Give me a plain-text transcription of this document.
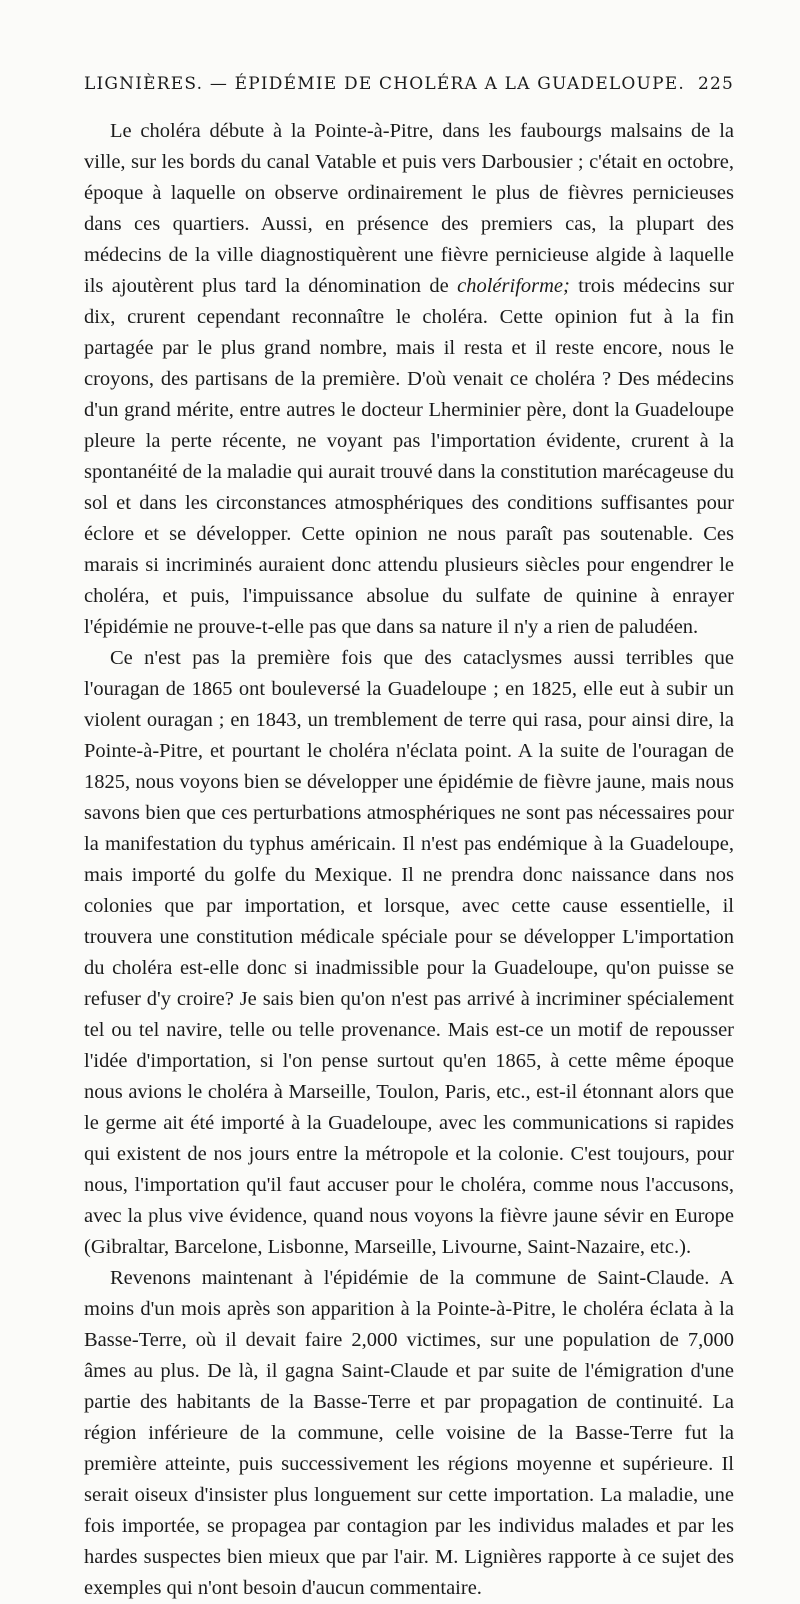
LIGNIÈRES. — ÉPIDÉMIE DE CHOLÉRA A LA GUADELOUPE. 225

Le choléra débute à la Pointe-à-Pitre, dans les faubourgs malsains de la ville, sur les bords du canal Vatable et puis vers Darbousier ; c'était en octobre, époque à laquelle on observe ordinairement le plus de fièvres pernicieuses dans ces quartiers. Aussi, en présence des premiers cas, la plupart des médecins de la ville diagnostiquèrent une fièvre pernicieuse algide à laquelle ils ajoutèrent plus tard la dénomination de cholériforme; trois médecins sur dix, crurent cependant reconnaître le choléra. Cette opinion fut à la fin partagée par le plus grand nombre, mais il resta et il reste encore, nous le croyons, des partisans de la première. D'où venait ce choléra ? Des médecins d'un grand mérite, entre autres le docteur Lherminier père, dont la Guadeloupe pleure la perte récente, ne voyant pas l'importation évidente, crurent à la spontanéité de la maladie qui aurait trouvé dans la constitution marécageuse du sol et dans les circonstances atmosphériques des conditions suffisantes pour éclore et se développer. Cette opinion ne nous paraît pas soutenable. Ces marais si incriminés auraient donc attendu plusieurs siècles pour engendrer le choléra, et puis, l'impuissance absolue du sulfate de quinine à enrayer l'épidémie ne prouve-t-elle pas que dans sa nature il n'y a rien de paludéen.

Ce n'est pas la première fois que des cataclysmes aussi terribles que l'ouragan de 1865 ont bouleversé la Guadeloupe ; en 1825, elle eut à subir un violent ouragan ; en 1843, un tremblement de terre qui rasa, pour ainsi dire, la Pointe-à-Pitre, et pourtant le choléra n'éclata point. A la suite de l'ouragan de 1825, nous voyons bien se développer une épidémie de fièvre jaune, mais nous savons bien que ces perturbations atmosphériques ne sont pas nécessaires pour la manifestation du typhus américain. Il n'est pas endémique à la Guadeloupe, mais importé du golfe du Mexique. Il ne prendra donc naissance dans nos colonies que par importation, et lorsque, avec cette cause essentielle, il trouvera une constitution médicale spéciale pour se développer L'importation du choléra est-elle donc si inadmissible pour la Guadeloupe, qu'on puisse se refuser d'y croire? Je sais bien qu'on n'est pas arrivé à incriminer spécialement tel ou tel navire, telle ou telle provenance. Mais est-ce un motif de repousser l'idée d'importation, si l'on pense surtout qu'en 1865, à cette même époque nous avions le choléra à Marseille, Toulon, Paris, etc., est-il étonnant alors que le germe ait été importé à la Guadeloupe, avec les communications si rapides qui existent de nos jours entre la métropole et la colonie. C'est toujours, pour nous, l'importation qu'il faut accuser pour le choléra, comme nous l'accusons, avec la plus vive évidence, quand nous voyons la fièvre jaune sévir en Europe (Gibraltar, Barcelone, Lisbonne, Marseille, Livourne, Saint-Nazaire, etc.).

Revenons maintenant à l'épidémie de la commune de Saint-Claude. A moins d'un mois après son apparition à la Pointe-à-Pitre, le choléra éclata à la Basse-Terre, où il devait faire 2,000 victimes, sur une population de 7,000 âmes au plus. De là, il gagna Saint-Claude et par suite de l'émigration d'une partie des habitants de la Basse-Terre et par propagation de continuité. La région inférieure de la commune, celle voisine de la Basse-Terre fut la première atteinte, puis successivement les régions moyenne et supérieure. Il serait oiseux d'insister plus longuement sur cette importation. La maladie, une fois importée, se propagea par contagion par les individus malades et par les hardes suspectes bien mieux que par l'air. M. Lignières rapporte à ce sujet des exemples qui n'ont besoin d'aucun commentaire.
